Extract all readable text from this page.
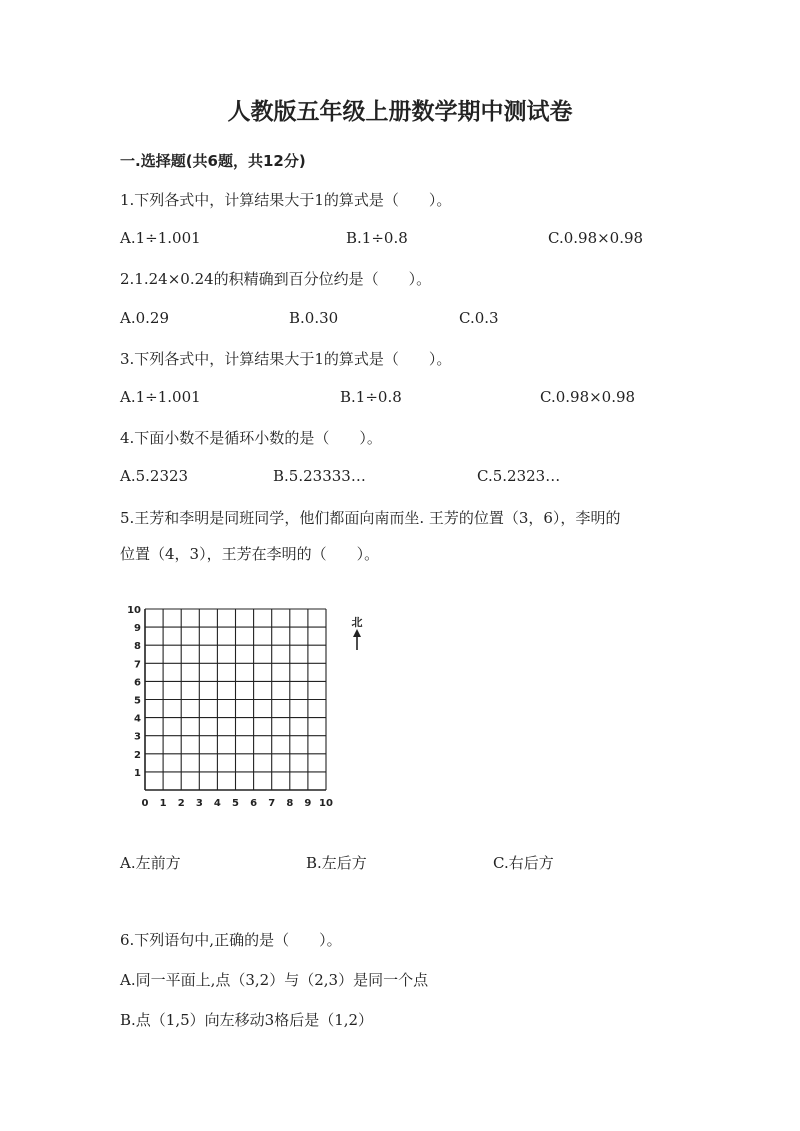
人教版五年级上册数学期中测试卷
一.选择题(共6题，共12分)
1.下列各式中，计算结果大于1的算式是（　　）。
A.1÷1.001	B.1÷0.8	C.0.98×0.98
2.1.24×0.24的积精确到百分位约是（　　）。
A.0.29	B.0.30	C.0.3
3.下列各式中，计算结果大于1的算式是（　　）。
A.1÷1.001	B.1÷0.8	C.0.98×0.98
4.下面小数不是循环小数的是（　　）。
A.5.2323	B.5.23333…	C.5.2323…
5.王芳和李明是同班同学，他们都面向南而坐. 王芳的位置（3，6），李明的
位置（4，3），王芳在李明的（　　）。
0 1 2 3 4 5 6 7 8 9 10
1
2
3
4
5
6
7
8
9
10
北
A.左前方	B.左后方	C.右后方
6.下列语句中,正确的是（　　）。
A.同一平面上,点（3,2）与（2,3）是同一个点
B.点（1,5）向左移动3格后是（1,2）
